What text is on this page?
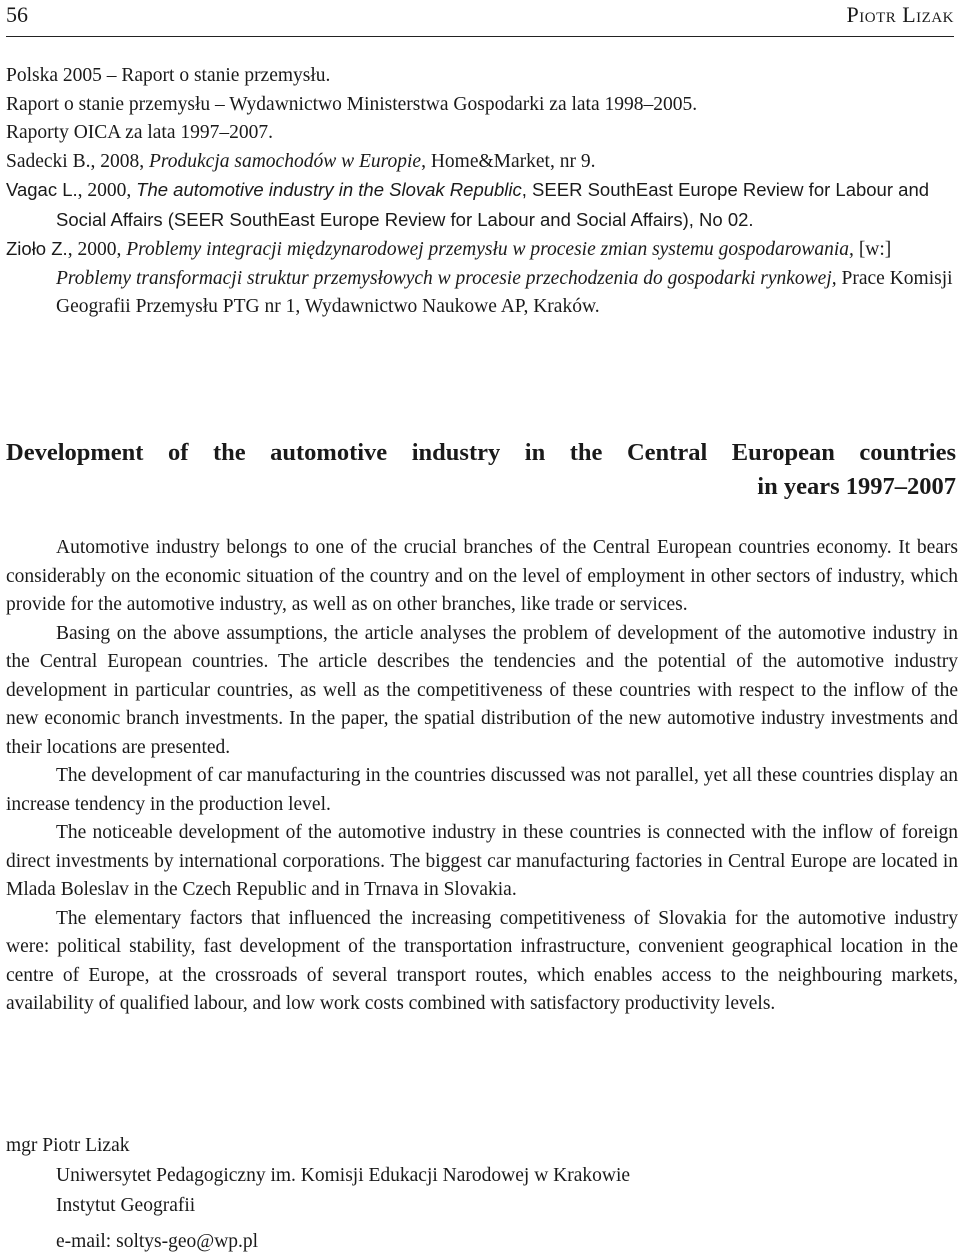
56	Piotr Lizak

Polska 2005 – Raport o stanie przemysłu.

Raport o stanie przemysłu – Wydawnictwo Ministerstwa Gospodarki za lata 1998–2005.

Raporty OICA za lata 1997–2007.

Sadecki B., 2008, Produkcja samochodów w Europie, Home&Market, nr 9.

Vagac L., 2000, The automotive industry in the Slovak Republic, SEER SouthEast Europe Review for Labour and Social Affairs (SEER SouthEast Europe Review for Labour and Social Affairs), No 02.

Zioło Z., 2000, Problemy integracji międzynarodowej przemysłu w procesie zmian systemu gospodarowania, [w:] Problemy transformacji struktur przemysłowych w procesie przechodzenia do gospodarki rynkowej, Prace Komisji Geografii Przemysłu PTG nr 1, Wydawnictwo Naukowe AP, Kraków.

Development of the automotive industry in the Central European countries
in years 1997–2007

Automotive industry belongs to one of the crucial branches of the Central European countries economy. It bears considerably on the economic situation of the country and on the level of employment in other sectors of industry, which provide for the automotive industry, as well as on other branches, like trade or services.

Basing on the above assumptions, the article analyses the problem of development of the automotive industry in the Central European countries. The article describes the tendencies and the potential of the automotive industry development in particular countries, as well as the competitiveness of these countries with respect to the inflow of the new economic branch investments. In the paper, the spatial distribution of the new automotive industry investments and their locations are presented.

The development of car manufacturing in the countries discussed was not parallel, yet all these countries display an increase tendency in the production level.

The noticeable development of the automotive industry in these countries is connected with the inflow of foreign direct investments by international corporations. The biggest car manufacturing factories in Central Europe are located in Mlada Boleslav in the Czech Republic and in Trnava in Slovakia.

The elementary factors that influenced the increasing competitiveness of Slovakia for the automotive industry were: political stability, fast development of the transportation infrastructure, convenient geographical location in the centre of Europe, at the crossroads of several transport routes, which enables access to the neighbouring markets, availability of qualified labour, and low work costs combined with satisfactory productivity levels.

mgr Piotr Lizak
Uniwersytet Pedagogiczny im. Komisji Edukacji Narodowej w Krakowie
Instytut Geografii
e-mail: soltys-geo@wp.pl
